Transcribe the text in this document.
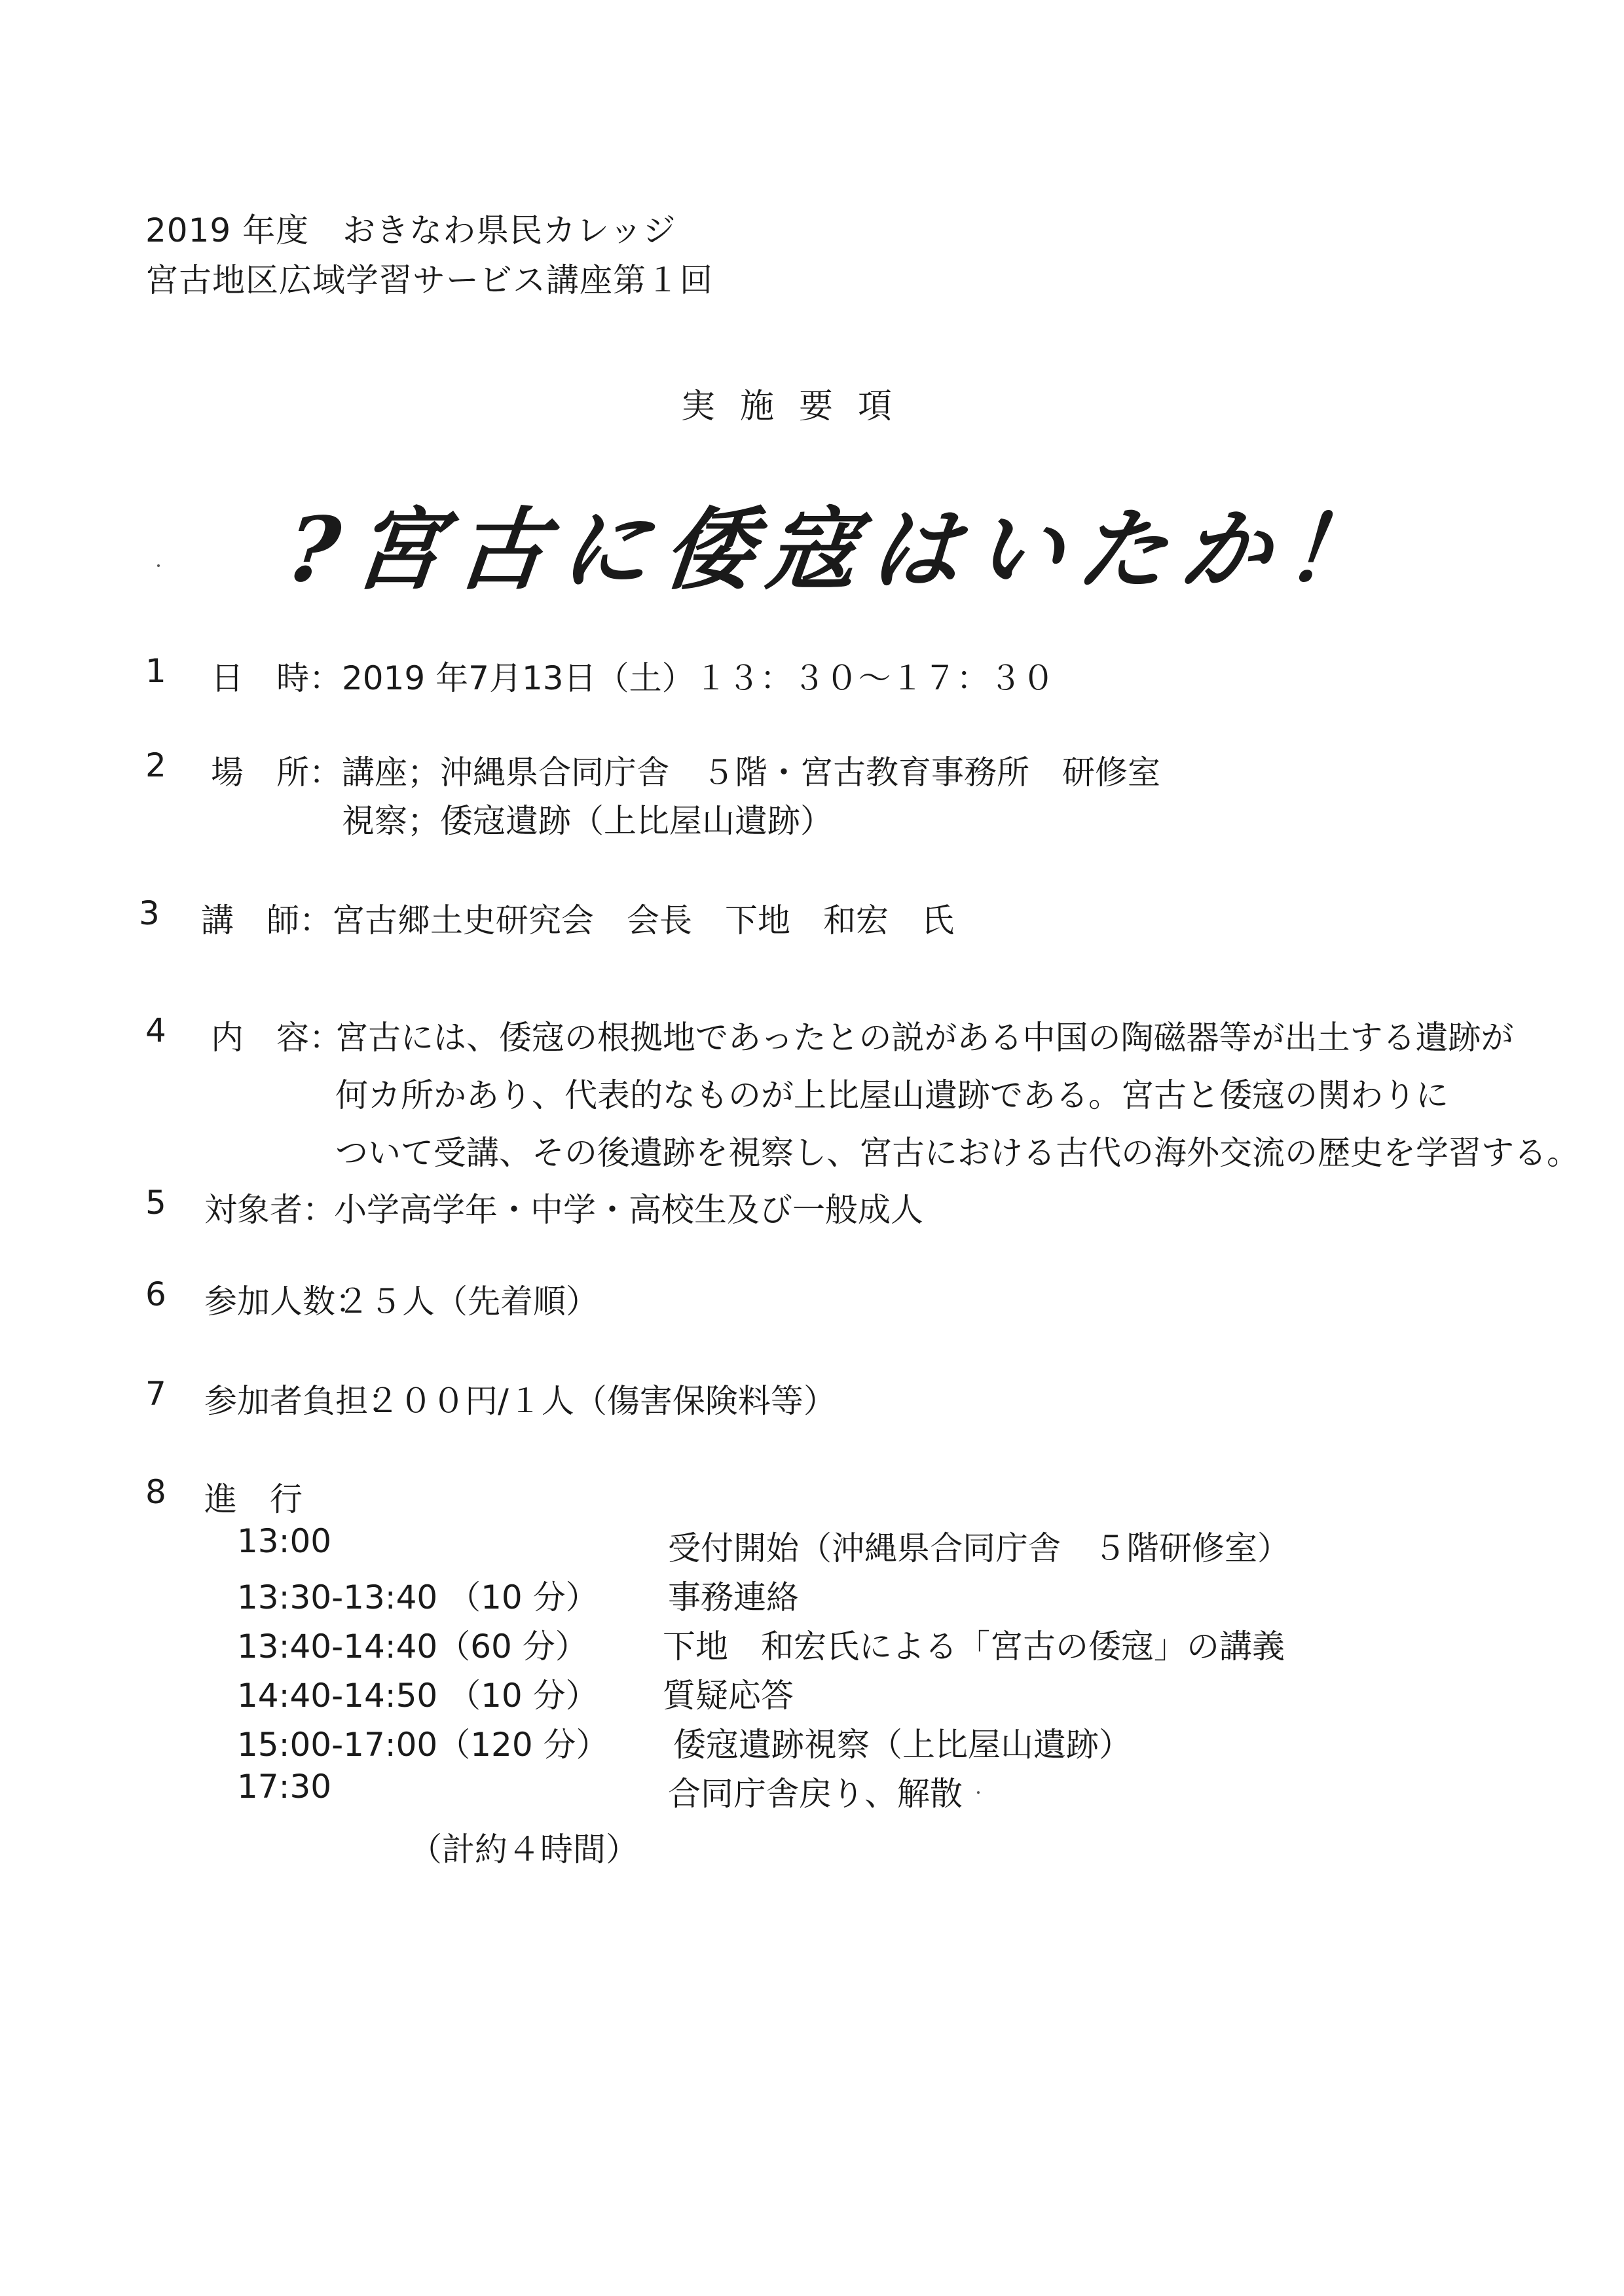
2019 年度　おきなわ県民カレッジ
宮古地区広域学習サービス講座第１回
実施要項
?宮古に倭寇はいたか！
1 日　時： 2019 年7月13日（土）１３：３０～１７：３０
2 場　所： 講座；沖縄県合同庁舎　５階・宮古教育事務所　研修室
視察；倭寇遺跡（上比屋山遺跡）
3 講　師： 宮古郷土史研究会　会長　下地　和宏　氏
4 内　容：
宮古には、倭寇の根拠地であったとの説がある中国の陶磁器等が出土する遺跡が
何カ所かあり、代表的なものが上比屋山遺跡である。宮古と倭寇の関わりに
ついて受講、その後遺跡を視察し、宮古における古代の海外交流の歴史を学習する。
5 対象者：
小学高学年・中学・高校生及び一般成人
6 参加人数：
２５人（先着順）
7 参加者負担：
２００円/１人（傷害保険料等）
8 進　行
13:00	受付開始（沖縄県合同庁舎　５階研修室）
13:30-13:40 （10 分） 事務連絡
13:40-14:40（60 分） 下地　和宏氏による「宮古の倭寇」の講義
14:40-14:50 （10 分） 質疑応答
15:00-17:00（120 分） 倭寇遺跡視察（上比屋山遺跡）
17:30	合同庁舎戻り、解散
（計約４時間）
